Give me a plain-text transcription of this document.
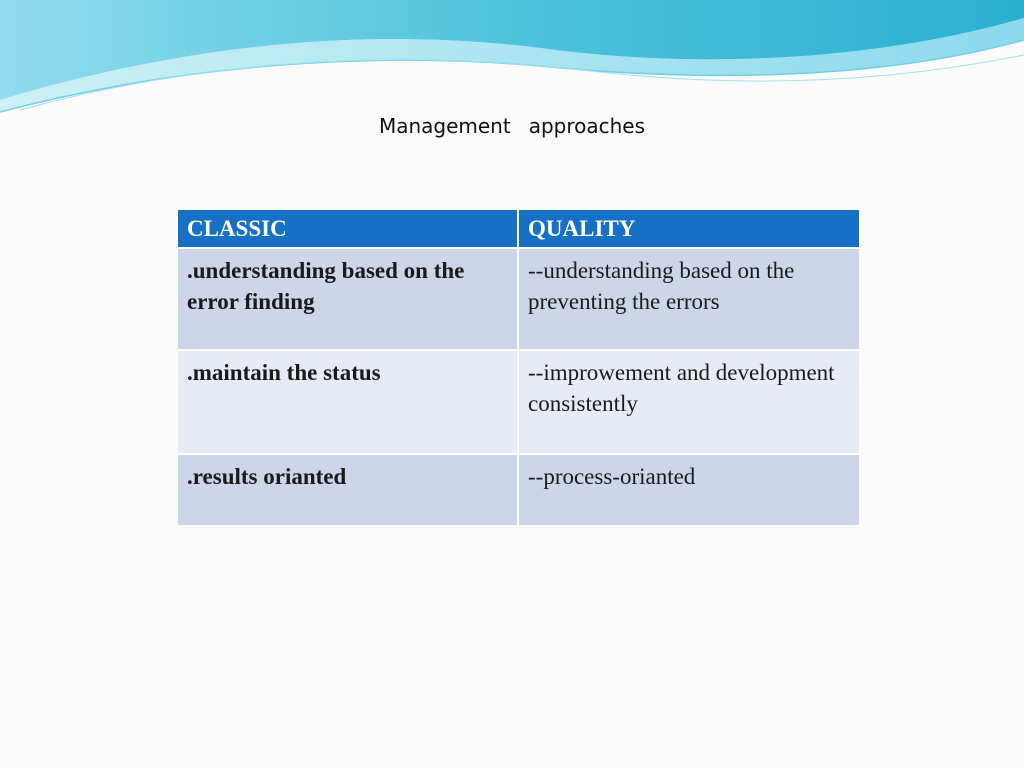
Management approaches
CLASSIC	QUALITY
.understanding based on the error finding	--understanding based on the preventing the errors
.maintain the status	--improwement and development consistently
.results orianted	--process-orianted
